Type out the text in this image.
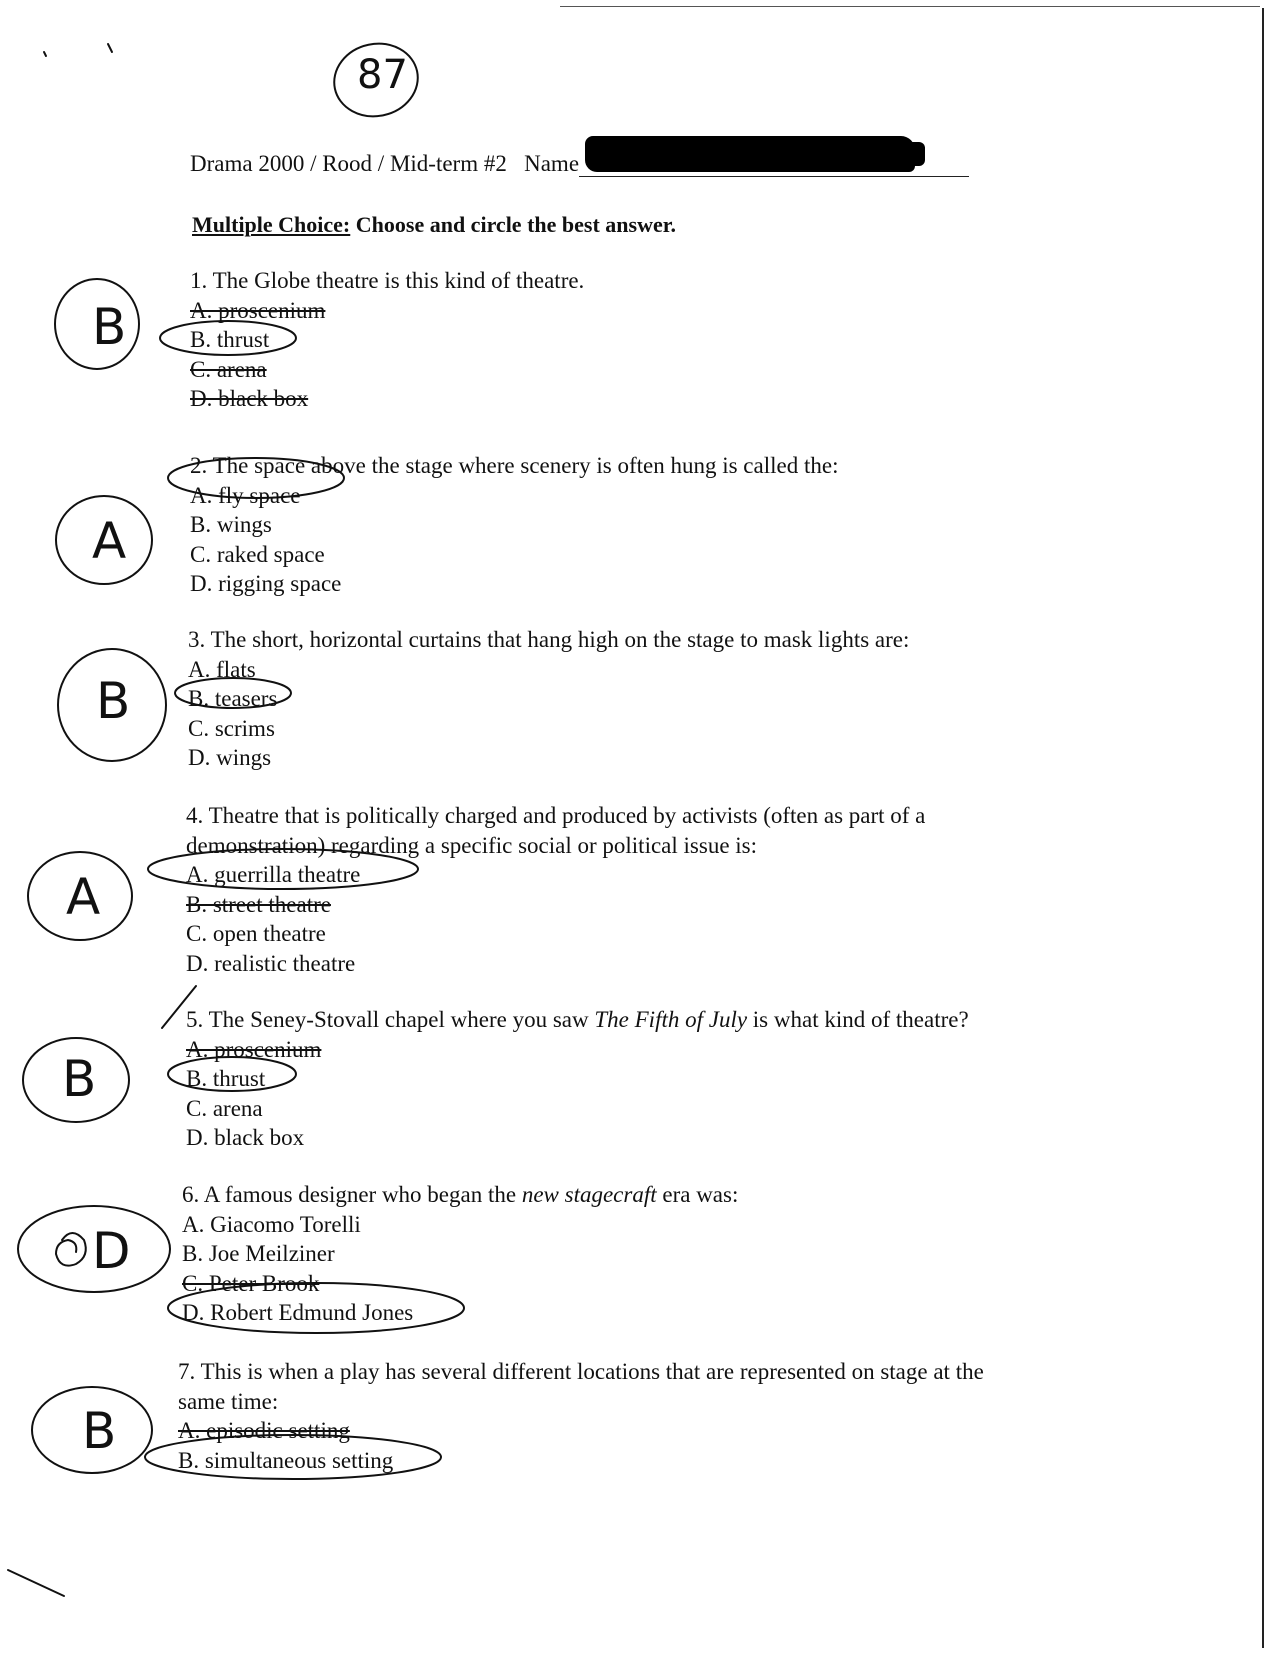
87
Drama 2000 / Rood / Mid-term #2 Name
Multiple Choice: Choose and circle the best answer.
1. The Globe theatre is this kind of theatre.
A. proscenium
B. thrust
C. arena
D. black box
2. The space above the stage where scenery is often hung is called the:
A. fly space
B. wings
C. raked space
D. rigging space
3. The short, horizontal curtains that hang high on the stage to mask lights are:
A. flats
B. teasers
C. scrims
D. wings
4. Theatre that is politically charged and produced by activists (often as part of a
demonstration) regarding a specific social or political issue is:
A. guerrilla theatre
B. street theatre
C. open theatre
D. realistic theatre
5. The Seney-Stovall chapel where you saw The Fifth of July is what kind of theatre?
A. proscenium
B. thrust
C. arena
D. black box
6. A famous designer who began the new stagecraft era was:
A. Giacomo Torelli
B. Joe Meilziner
C. Peter Brook
D. Robert Edmund Jones
7. This is when a play has several different locations that are represented on stage at the
same time:
A. episodic setting
B. simultaneous setting
B
A
B
A
B
D
B
